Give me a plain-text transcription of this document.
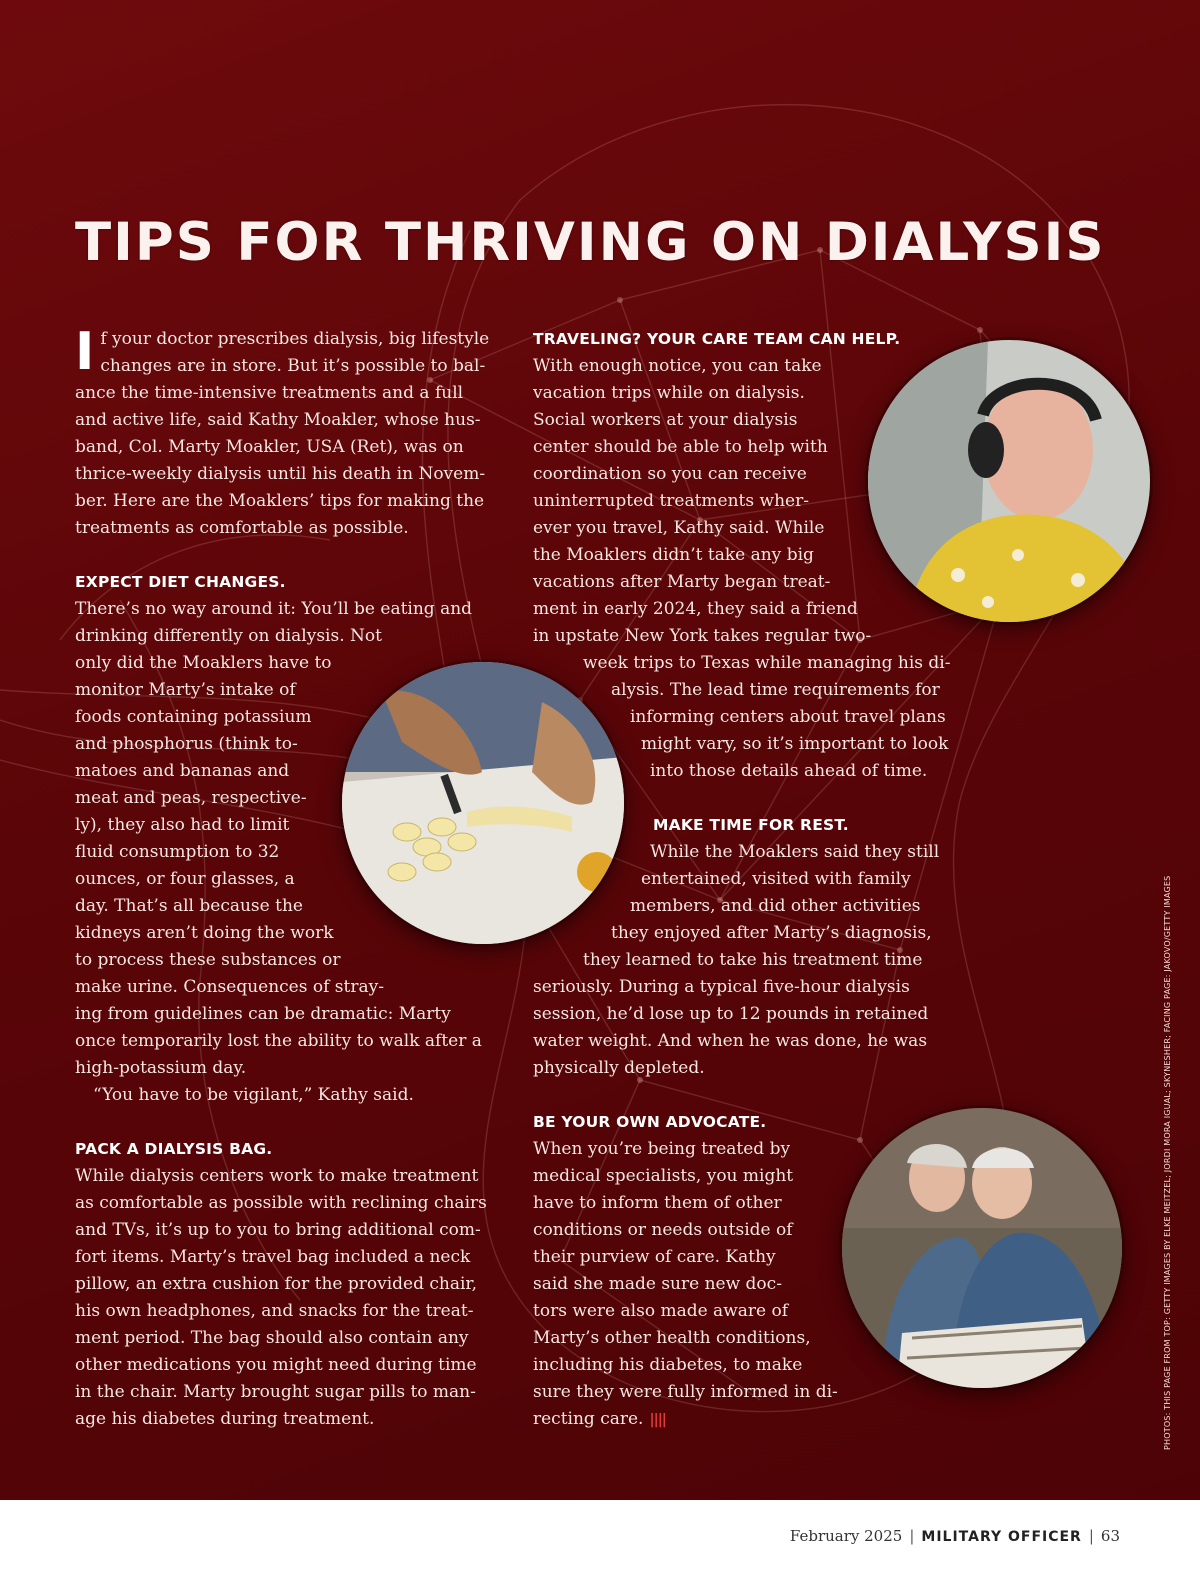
TIPS FOR THRIVING ON DIALYSIS

If your doctor prescribes dialysis, big lifestyle
changes are in store. But it’s possible to bal-
ance the time-intensive treatments and a full
and active life, said Kathy Moakler, whose hus-
band, Col. Marty Moakler, USA (Ret), was on
thrice-weekly dialysis until his death in Novem-
ber. Here are the Moaklers’ tips for making the
treatments as comfortable as possible.

EXPECT DIET CHANGES.

There’s no way around it: You’ll be eating and
drinking differently on dialysis. Not
only did the Moaklers have to
monitor Marty’s intake of
foods containing potassium
and phosphorus (think to-
matoes and bananas and
meat and peas, respective-
ly), they also had to limit
fluid consumption to 32
ounces, or four glasses, a
day. That’s all because the
kidneys aren’t doing the work
to process these substances or
make urine. Consequences of stray-
ing from guidelines can be dramatic: Marty
once temporarily lost the ability to walk after a
high-potassium day.

“You have to be vigilant,” Kathy said.

PACK A DIALYSIS BAG.

While dialysis centers work to make treatment
as comfortable as possible with reclining chairs
and TVs, it’s up to you to bring additional com-
fort items. Marty’s travel bag included a neck
pillow, an extra cushion for the provided chair,
his own headphones, and snacks for the treat-
ment period. The bag should also contain any
other medications you might need during time
in the chair. Marty brought sugar pills to man-
age his diabetes during treatment.

TRAVELING? YOUR CARE TEAM CAN HELP.

With enough notice, you can take
vacation trips while on dialysis.
Social workers at your dialysis
center should be able to help with
coordination so you can receive
uninterrupted treatments wher-
ever you travel, Kathy said. While
the Moaklers didn’t take any big
vacations after Marty began treat-
ment in early 2024, they said a friend
in upstate New York takes regular two-
week trips to Texas while managing his di-
alysis. The lead time requirements for
informing centers about travel plans
might vary, so it’s important to look
into those details ahead of time.

MAKE TIME FOR REST.

While the Moaklers said they still
entertained, visited with family
members, and did other activities
they enjoyed after Marty’s diagnosis,
they learned to take his treatment time
seriously. During a typical five-hour dialysis
session, he’d lose up to 12 pounds in retained
water weight. And when he was done, he was
physically depleted.

BE YOUR OWN ADVOCATE.

When you’re being treated by
medical specialists, you might
have to inform them of other
conditions or needs outside of
their purview of care. Kathy
said she made sure new doc-
tors were also made aware of
Marty’s other health conditions,
including his diabetes, to make
sure they were fully informed in di-
recting care. ||||	PHOTOS: THIS PAGE FROM TOP: GETTY IMAGES BY ELKE MEITZEL; JORDI MORA IGUAL; SKYNESHER; FACING PAGE: JAKOVO/GETTY IMAGES
February 2025 | MILITARY OFFICER | 63
